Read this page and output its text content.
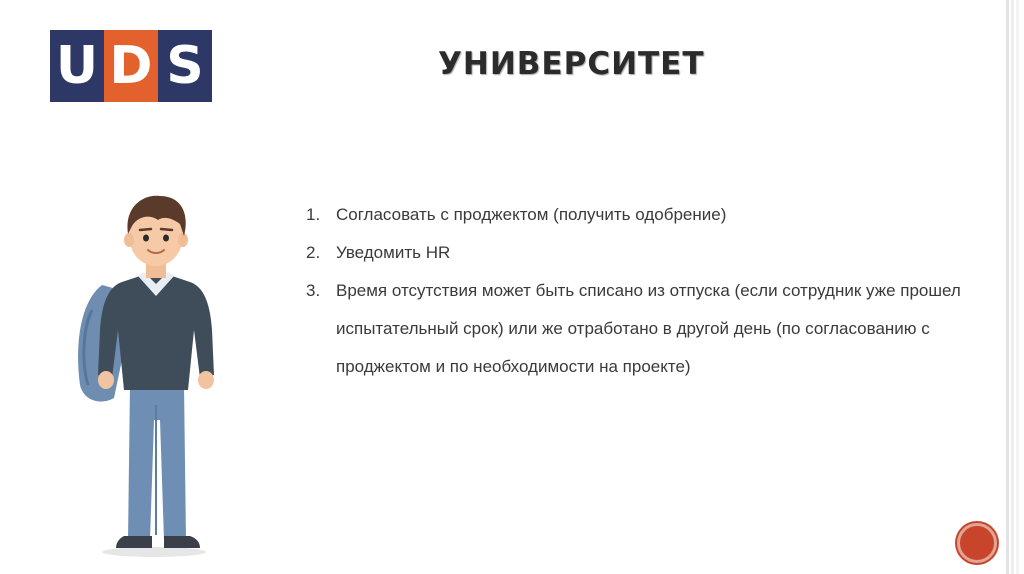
U D S	УНИВЕРСИТЕТ
1. Согласовать с проджектом (получить одобрение)
2. Уведомить HR
3. Время отсутствия может быть списано из отпуска (если сотрудник уже прошел испытательный срок) или же отработано в другой день (по согласованию с проджектом и по необходимости на проекте)
